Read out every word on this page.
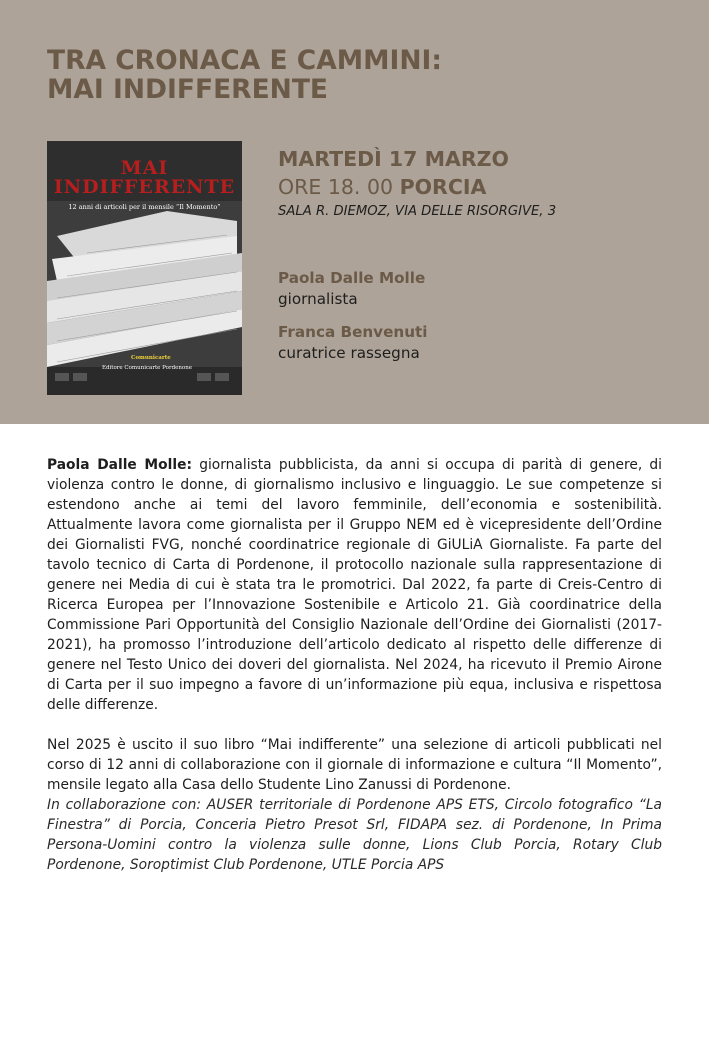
TRA CRONACA E CAMMINI:
MAI INDIFFERENTE
MAI
INDIFFERENTE
12 anni di articoli per il mensile “Il Momento”
Comunicarte
Editore Comunicarte Pordenone
MARTEDÌ 17 MARZO
ORE 18. 00 PORCIA
SALA R. DIEMOZ, VIA DELLE RISORGIVE, 3
Paola Dalle Molle
giornalista
Franca Benvenuti
curatrice rassegna

Paola Dalle Molle: giornalista pubblicista, da anni si occupa di parità di genere, di violenza contro le donne, di giornalismo inclusivo e linguaggio. Le sue competenze si estendono anche ai temi del lavoro femminile, dell’economia e sostenibilità. Attualmente lavora come giornalista per il Gruppo NEM ed è vicepresidente dell’Ordine dei Giornalisti FVG, nonché coordinatrice regionale di GiULiA Giornaliste. Fa parte del tavolo tecnico di Carta di Pordenone, il protocollo nazionale sulla rappresentazione di genere nei Media di cui è stata tra le promotrici. Dal 2022, fa parte di Creis-Centro di Ricerca Europea per l’Innovazione Sostenibile e Articolo 21. Già coordinatrice della Commissione Pari Opportunità del Consiglio Nazionale dell’Ordine dei Giornalisti (2017-2021), ha promosso l’introduzione dell’articolo dedicato al rispetto delle differenze di genere nel Testo Unico dei doveri del giornalista. Nel 2024, ha ricevuto il Premio Airone di Carta per il suo impegno a favore di un’informazione più equa, inclusiva e rispettosa delle differenze.

Nel 2025 è uscito il suo libro “Mai indifferente” una selezione di articoli pubblicati nel corso di 12 anni di collaborazione con il giornale di informazione e cultura “Il Momento”, mensile legato alla Casa dello Studente Lino Zanussi di Pordenone.

In collaborazione con: AUSER territoriale di Pordenone APS ETS, Circolo fotografico “La Finestra” di Porcia, Conceria Pietro Presot Srl, FIDAPA sez. di Pordenone, In Prima Persona-Uomini contro la violenza sulle donne, Lions Club Porcia, Rotary Club Pordenone, Soroptimist Club Pordenone, UTLE Porcia APS
